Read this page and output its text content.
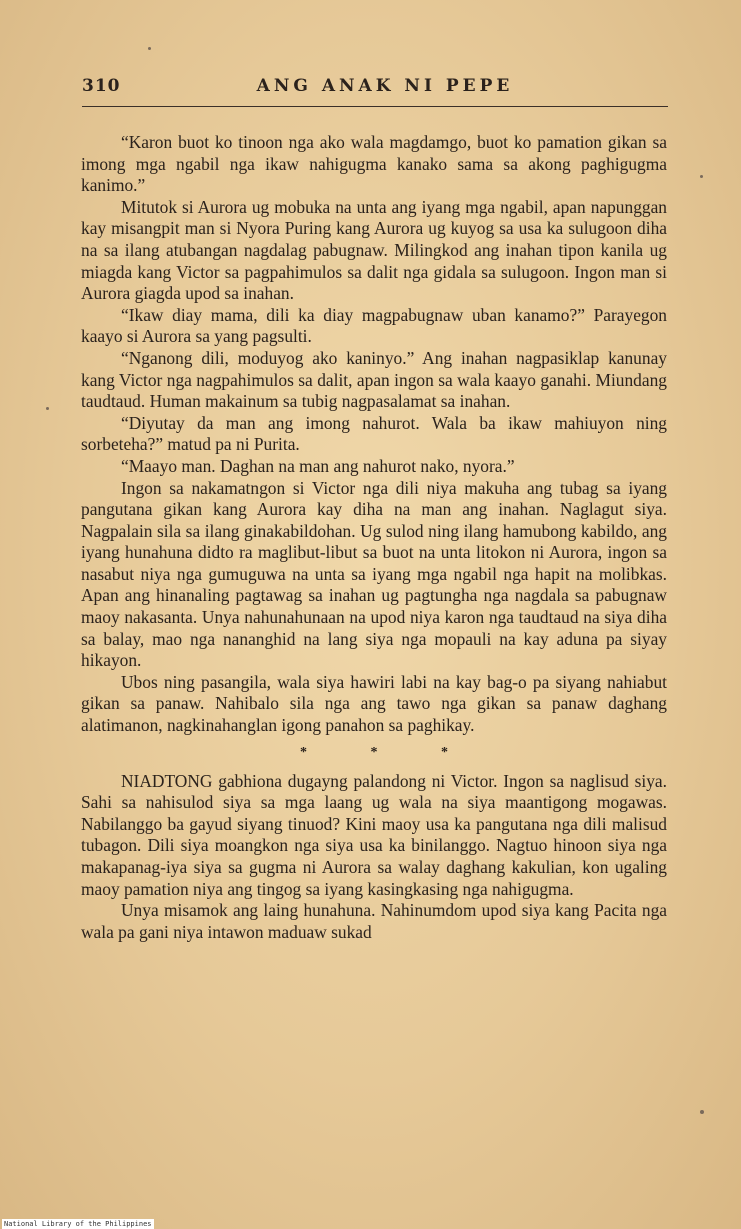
310	ANG ANAK NI PEPE

“Karon buot ko tinoon nga ako wala magdamgo, buot ko pamation gikan sa imong mga ngabil nga ikaw nahigugma kanako sama sa akong paghigugma kanimo.”

Mitutok si Aurora ug mobuka na unta ang iyang mga ngabil, apan napunggan kay misangpit man si Nyora Puring kang Aurora ug kuyog sa usa ka sulugoon diha na sa ilang atubangan nagdalag pabugnaw. Milingkod ang inahan tipon kanila ug miagda kang Victor sa pagpahimulos sa dalit nga gidala sa sulugoon. Ingon man si Aurora giagda upod sa inahan.

“Ikaw diay mama, dili ka diay magpabugnaw uban kanamo?” Parayegon kaayo si Aurora sa yang pagsulti.

“Nganong dili, moduyog ako kaninyo.” Ang inahan nagpasiklap kanunay kang Victor nga nagpahimulos sa dalit, apan ingon sa wala kaayo ganahi. Miundang taudtaud. Human makainum sa tubig nagpasalamat sa inahan.

“Diyutay da man ang imong nahurot. Wala ba ikaw mahiuyon ning sorbeteha?” matud pa ni Purita.

“Maayo man. Daghan na man ang nahurot nako, nyora.”

Ingon sa nakamatngon si Victor nga dili niya makuha ang tubag sa iyang pangutana gikan kang Aurora kay diha na man ang inahan. Naglagut siya. Nagpalain sila sa ilang ginakabildohan. Ug sulod ning ilang hamubong kabildo, ang iyang hunahuna didto ra maglibut-libut sa buot na unta litokon ni Aurora, ingon sa nasabut niya nga gumuguwa na unta sa iyang mga ngabil nga hapit na molibkas. Apan ang hinanaling pagtawag sa inahan ug pagtungha nga nagdala sa pabugnaw maoy nakasanta. Unya nahunahunaan na upod niya karon nga taudtaud na siya diha sa balay, mao nga nananghid na lang siya nga mopauli na kay aduna pa siyay hikayon.

Ubos ning pasangila, wala siya hawiri labi na kay bag-o pa siyang nahiabut gikan sa panaw. Nahibalo sila nga ang tawo nga gikan sa panaw daghang alatimanon, nagkinahanglan igong panahon sa paghikay.

* * *

NIADTONG gabhiona dugayng palandong ni Victor. Ingon sa naglisud siya. Sahi sa nahisulod siya sa mga laang ug wala na siya maantigong mogawas. Nabilanggo ba gayud siyang tinuod? Kini maoy usa ka pangutana nga dili malisud tubagon. Dili siya moangkon nga siya usa ka binilanggo. Nagtuo hinoon siya nga makapanag-iya siya sa gugma ni Aurora sa walay daghang kakulian, kon ugaling maoy pamation niya ang tingog sa iyang kasingkasing nga nahigugma.

Unya misamok ang laing hunahuna. Nahinumdom upod siya kang Pacita nga wala pa gani niya intawon maduaw sukad

National Library of the Philippines
